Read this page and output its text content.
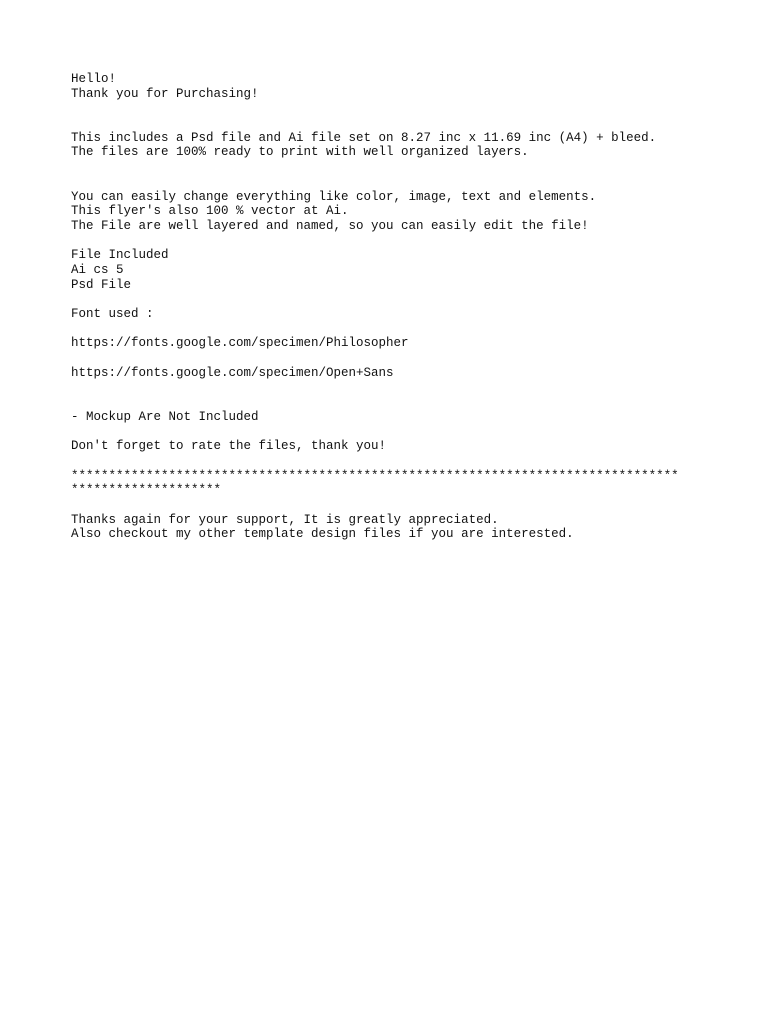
Hello!
Thank you for Purchasing!
This includes a Psd file and Ai file set on 8.27 inc x 11.69 inc (A4) + bleed.
The files are 100% ready to print with well organized layers.
You can easily change everything like color, image, text and elements.
This flyer's also 100 % vector at Ai.
The File are well layered and named, so you can easily edit the file!
File Included
Ai cs 5
Psd File
Font used :
https://fonts.google.com/specimen/Philosopher
https://fonts.google.com/specimen/Open+Sans
- Mockup Are Not Included
Don't forget to rate the files, thank you!
*********************************************************************************
********************
Thanks again for your support, It is greatly appreciated.
Also checkout my other template design files if you are interested.
